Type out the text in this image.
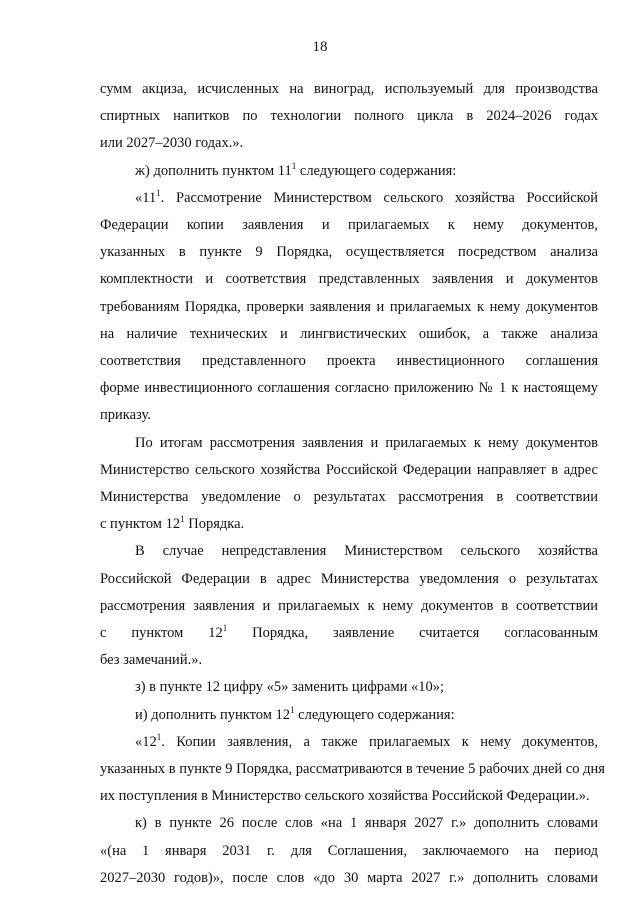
18
сумм акциза, исчисленных на виноград, используемый для производства
спиртных напитков по технологии полного цикла в 2024–2026 годах
или 2027–2030 годах.».
ж) дополнить пунктом $11^1$ следующего содержания:
«$11^1$. Рассмотрение Министерством сельского хозяйства Российской
Федерации копии заявления и прилагаемых к нему документов,
указанных в пункте 9 Порядка, осуществляется посредством анализа
комплектности и соответствия представленных заявления и документов
требованиям Порядка, проверки заявления и прилагаемых к нему документов
на наличие технических и лингвистических ошибок, а также анализа
соответствия представленного проекта инвестиционного соглашения
форме инвестиционного соглашения согласно приложению № 1 к настоящему
приказу.
По итогам рассмотрения заявления и прилагаемых к нему документов
Министерство сельского хозяйства Российской Федерации направляет в адрес
Министерства уведомление о результатах рассмотрения в соответствии
с пунктом $12^1$ Порядка.
В случае непредставления Министерством сельского хозяйства
Российской Федерации в адрес Министерства уведомления о результатах
рассмотрения заявления и прилагаемых к нему документов в соответствии
с пунктом $12^1$ Порядка, заявление считается согласованным
без замечаний.».
з) в пункте 12 цифру «5» заменить цифрами «10»;
и) дополнить пунктом $12^1$ следующего содержания:
«$12^1$. Копии заявления, а также прилагаемых к нему документов,
указанных в пункте 9 Порядка, рассматриваются в течение 5 рабочих дней со дня
их поступления в Министерство сельского хозяйства Российской Федерации.».
к) в пункте 26 после слов «на 1 января 2027 г.» дополнить словами
«(на 1 января 2031 г. для Соглашения, заключаемого на период
2027–2030 годов)», после слов «до 30 марта 2027 г.» дополнить словами
